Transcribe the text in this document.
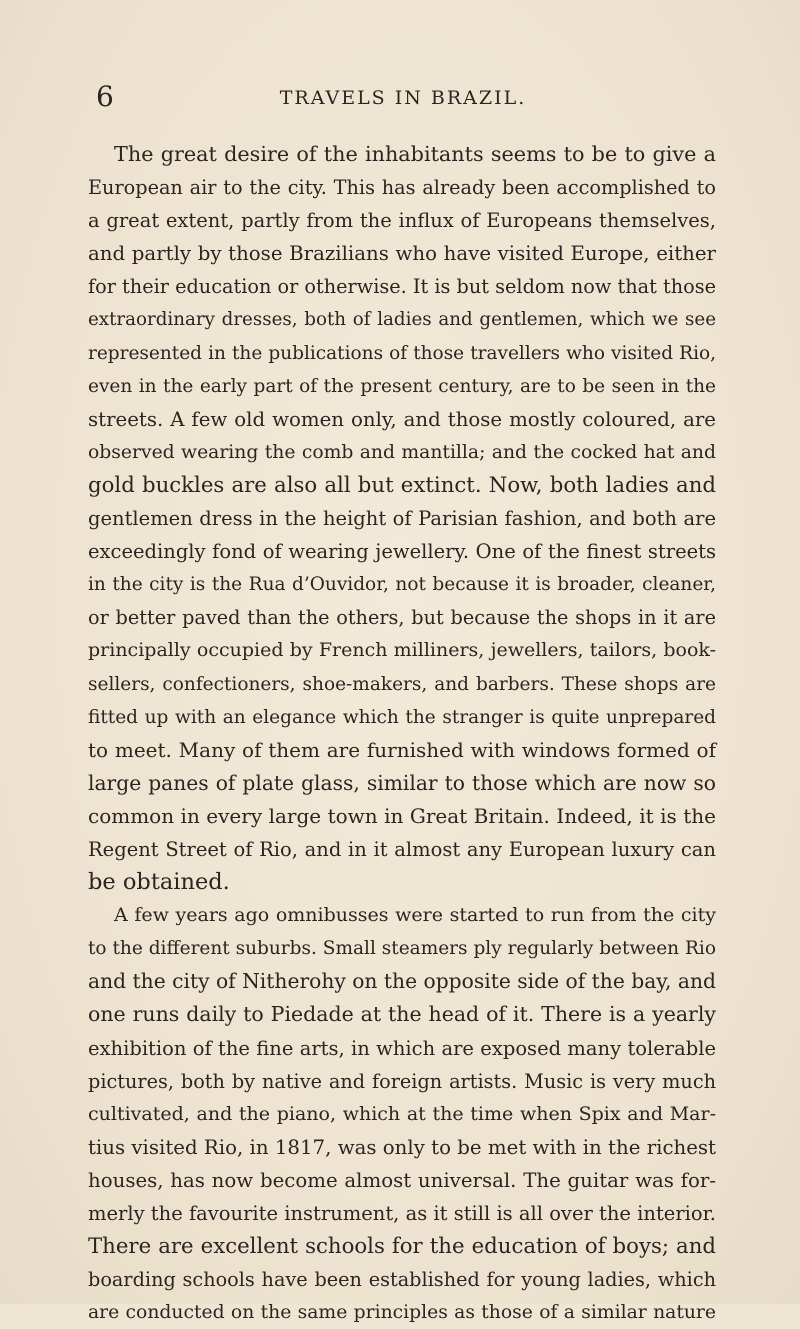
6	TRAVELS IN BRAZIL.
The great desire of the inhabitants seems to be to give a
European air to the city. This has already been accomplished to
a great extent, partly from the influx of Europeans themselves,
and partly by those Brazilians who have visited Europe, either
for their education or otherwise. It is but seldom now that those
extraordinary dresses, both of ladies and gentlemen, which we see
represented in the publications of those travellers who visited Rio,
even in the early part of the present century, are to be seen in the
streets. A few old women only, and those mostly coloured, are
observed wearing the comb and mantilla; and the cocked hat and
gold buckles are also all but extinct. Now, both ladies and
gentlemen dress in the height of Parisian fashion, and both are
exceedingly fond of wearing jewellery. One of the finest streets
in the city is the Rua d’Ouvidor, not because it is broader, cleaner,
or better paved than the others, but because the shops in it are
principally occupied by French milliners, jewellers, tailors, book-
sellers, confectioners, shoe-makers, and barbers. These shops are
fitted up with an elegance which the stranger is quite unprepared
to meet. Many of them are furnished with windows formed of
large panes of plate glass, similar to those which are now so
common in every large town in Great Britain. Indeed, it is the
Regent Street of Rio, and in it almost any European luxury can
be obtained.
A few years ago omnibusses were started to run from the city
to the different suburbs. Small steamers ply regularly between Rio
and the city of Nitherohy on the opposite side of the bay, and
one runs daily to Piedade at the head of it. There is a yearly
exhibition of the fine arts, in which are exposed many tolerable
pictures, both by native and foreign artists. Music is very much
cultivated, and the piano, which at the time when Spix and Mar-
tius visited Rio, in 1817, was only to be met with in the richest
houses, has now become almost universal. The guitar was for-
merly the favourite instrument, as it still is all over the interior.
There are excellent schools for the education of boys; and
boarding schools have been established for young ladies, which
are conducted on the same principles as those of a similar nature
